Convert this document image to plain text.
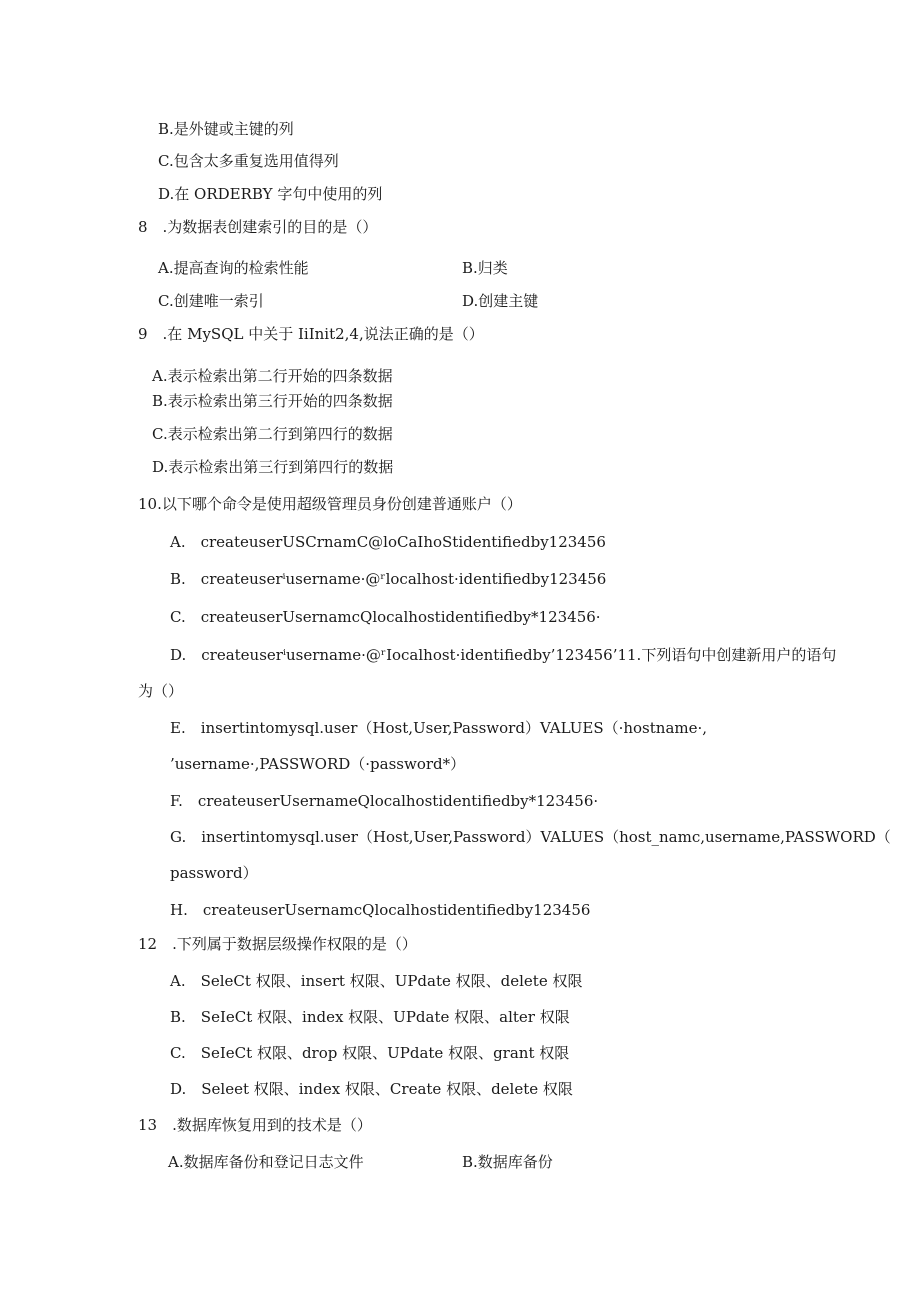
B.是外键或主键的列
C.包含太多重复选用值得列
D.在 ORDERBY 字句中使用的列
8　.为数据表创建索引的目的是（）
A.提高查询的检索性能	B.归类
C.创建唯一索引	D.创建主键
9　.在 MySQL 中关于 IiInit2,4,说法正确的是（）
A.表示检索出第二行开始的四条数据
B.表示检索出第三行开始的四条数据
C.表示检索出第二行到第四行的数据
D.表示检索出第三行到第四行的数据
10.以下哪个命令是使用超级管理员身份创建普通账户（）
A.　createuserUSCrnamC@loCaIhoStidentifiedby123456
B.　createuserⁱusername·@ʳlocalhost·identifiedby123456
C.　createuserUsernamcQlocalhostidentifiedby*123456·
D.　createuserⁱusername·@ʳIocalhost·identifiedby’123456’11.下列语句中创建新用户的语句
为（）
E.　insertintomysql.user（Host,User,Password）VALUES（·hostname·,
’username·,PASSWORD（·password*）
F.　createuserUsernameQlocalhostidentifiedby*123456·
G.　insertintomysql.user（Host,User,Password）VALUES（host_namc,username,PASSWORD（
password）
H.　createuserUsernamcQlocalhostidentifiedby123456
12　.下列属于数据层级操作权限的是（）
A.　SeleCt 权限、insert 权限、UPdate 权限、delete 权限
B.　SeIeCt 权限、index 权限、UPdate 权限、alter 权限
C.　SeIeCt 权限、drop 权限、UPdate 权限、grant 权限
D.　Seleet 权限、index 权限、Create 权限、delete 权限
13　.数据库恢复用到的技术是（）
A.数据库备份和登记日志文件	B.数据库备份
